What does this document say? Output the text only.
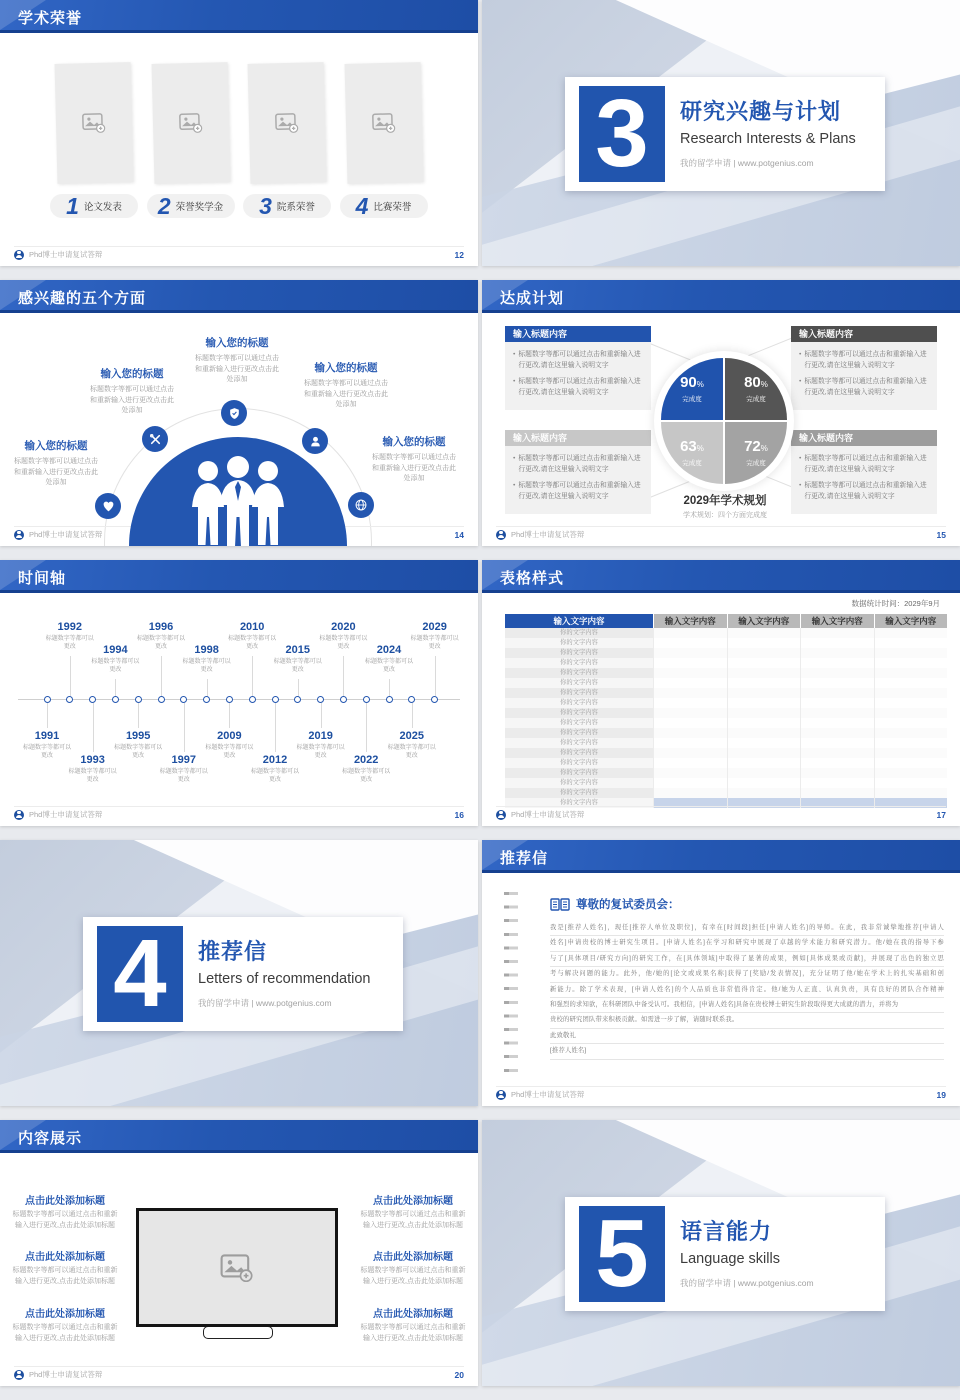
学术荣誉
1 论文发表 2 荣誉奖学金 3 院系荣誉 4 比赛荣誉
Phd博士申请复试答辩	12
3 研究兴趣与计划
Research Interests & Plans
我的留学申请 | www.potgenius.com
感兴趣的五个方面
输入您的标题
标题数字等都可以通过点击和重新输入进行更改点击此处添加
输入您的标题
标题数字等都可以通过点击和重新输入进行更改点击此处添加
输入您的标题
标题数字等都可以通过点击和重新输入进行更改点击此处添加
输入您的标题
标题数字等都可以通过点击和重新输入进行更改点击此处添加
输入您的标题
标题数字等都可以通过点击和重新输入进行更改点击此处添加
Phd博士申请复试答辩	14
达成计划
输入标题内容
• 标题数字等都可以通过点击和重新输入进行更改,请在这里输入说明文字
• 标题数字等都可以通过点击和重新输入进行更改,请在这里输入说明文字
输入标题内容
• 标题数字等都可以通过点击和重新输入进行更改,请在这里输入说明文字
• 标题数字等都可以通过点击和重新输入进行更改,请在这里输入说明文字
输入标题内容
• 标题数字等都可以通过点击和重新输入进行更改,请在这里输入说明文字
• 标题数字等都可以通过点击和重新输入进行更改,请在这里输入说明文字
输入标题内容
• 标题数字等都可以通过点击和重新输入进行更改,请在这里输入说明文字
• 标题数字等都可以通过点击和重新输入进行更改,请在这里输入说明文字
90%
完成度
80%
完成度
63%
完成度
72%
完成度
2029年学术规划
学术规划：四个方面完成度
Phd博士申请复试答辩	15
时间轴
1991
标题数字等都可以更改
1992
标题数字等都可以更改
1993
标题数字等都可以更改
1994
标题数字等都可以更改
1995
标题数字等都可以更改
1996
标题数字等都可以更改
1997
标题数字等都可以更改
1998
标题数字等都可以更改
2009
标题数字等都可以更改
2010
标题数字等都可以更改
2012
标题数字等都可以更改
2015
标题数字等都可以更改
2019
标题数字等都可以更改
2020
标题数字等都可以更改
2022
标题数字等都可以更改
2024
标题数字等都可以更改
2025
标题数字等都可以更改
2029
标题数字等都可以更改
Phd博士申请复试答辩	16
表格样式
数据统计时间：2029年9月
输入文字内容	输入文字内容	输入文字内容	输入文字内容	输入文字内容
你的文字内容
你的文字内容
你的文字内容
你的文字内容
你的文字内容
你的文字内容
你的文字内容
你的文字内容
你的文字内容
你的文字内容
你的文字内容
你的文字内容
你的文字内容
你的文字内容
你的文字内容
你的文字内容
你的文字内容
你的文字内容
Phd博士申请复试答辩	17
4 推荐信
Letters of recommendation
我的留学申请 | www.potgenius.com
推荐信
尊敬的复试委员会：
我是[推荐人姓名]，现任[推荐人单位及职位]，有幸在[时间段]担任[申请人姓名]的导师。在此，我非常诚挚地推荐[申请人
姓名]申请贵校的博士研究生项目。[申请人姓名]在学习和研究中展现了卓越的学术能力和研究潜力。他/她在我的指导下参
与了[具体项目/研究方向]的研究工作，在[具体领域]中取得了显著的成果，例如[具体成果或贡献]，并展现了出色的独立思
考与解决问题的能力。此外，他/她的[论文或成果名称]获得了[奖励/发表情况]，充分证明了他/她在学术上的扎实基础和创
新能力。除了学术表现，[申请人姓名]的个人品质也非常值得肯定。他/她为人正直、认真负责，具有良好的团队合作精神
和强烈的求知欲，在科研团队中备受认可。我相信，[申请人姓名]具备在贵校博士研究生阶段取得更大成就的潜力，并将为
贵校的研究团队带来积极贡献。如需进一步了解，请随时联系我。
此致敬礼
[推荐人姓名]
Phd博士申请复试答辩	19
内容展示
点击此处添加标题
标题数字等都可以通过点击和重新输入进行更改,点击此处添加标题
点击此处添加标题
标题数字等都可以通过点击和重新输入进行更改,点击此处添加标题
点击此处添加标题
标题数字等都可以通过点击和重新输入进行更改,点击此处添加标题
点击此处添加标题
标题数字等都可以通过点击和重新输入进行更改,点击此处添加标题
点击此处添加标题
标题数字等都可以通过点击和重新输入进行更改,点击此处添加标题
点击此处添加标题
标题数字等都可以通过点击和重新输入进行更改,点击此处添加标题
Phd博士申请复试答辩	20
5 语言能力
Language skills
我的留学申请 | www.potgenius.com
